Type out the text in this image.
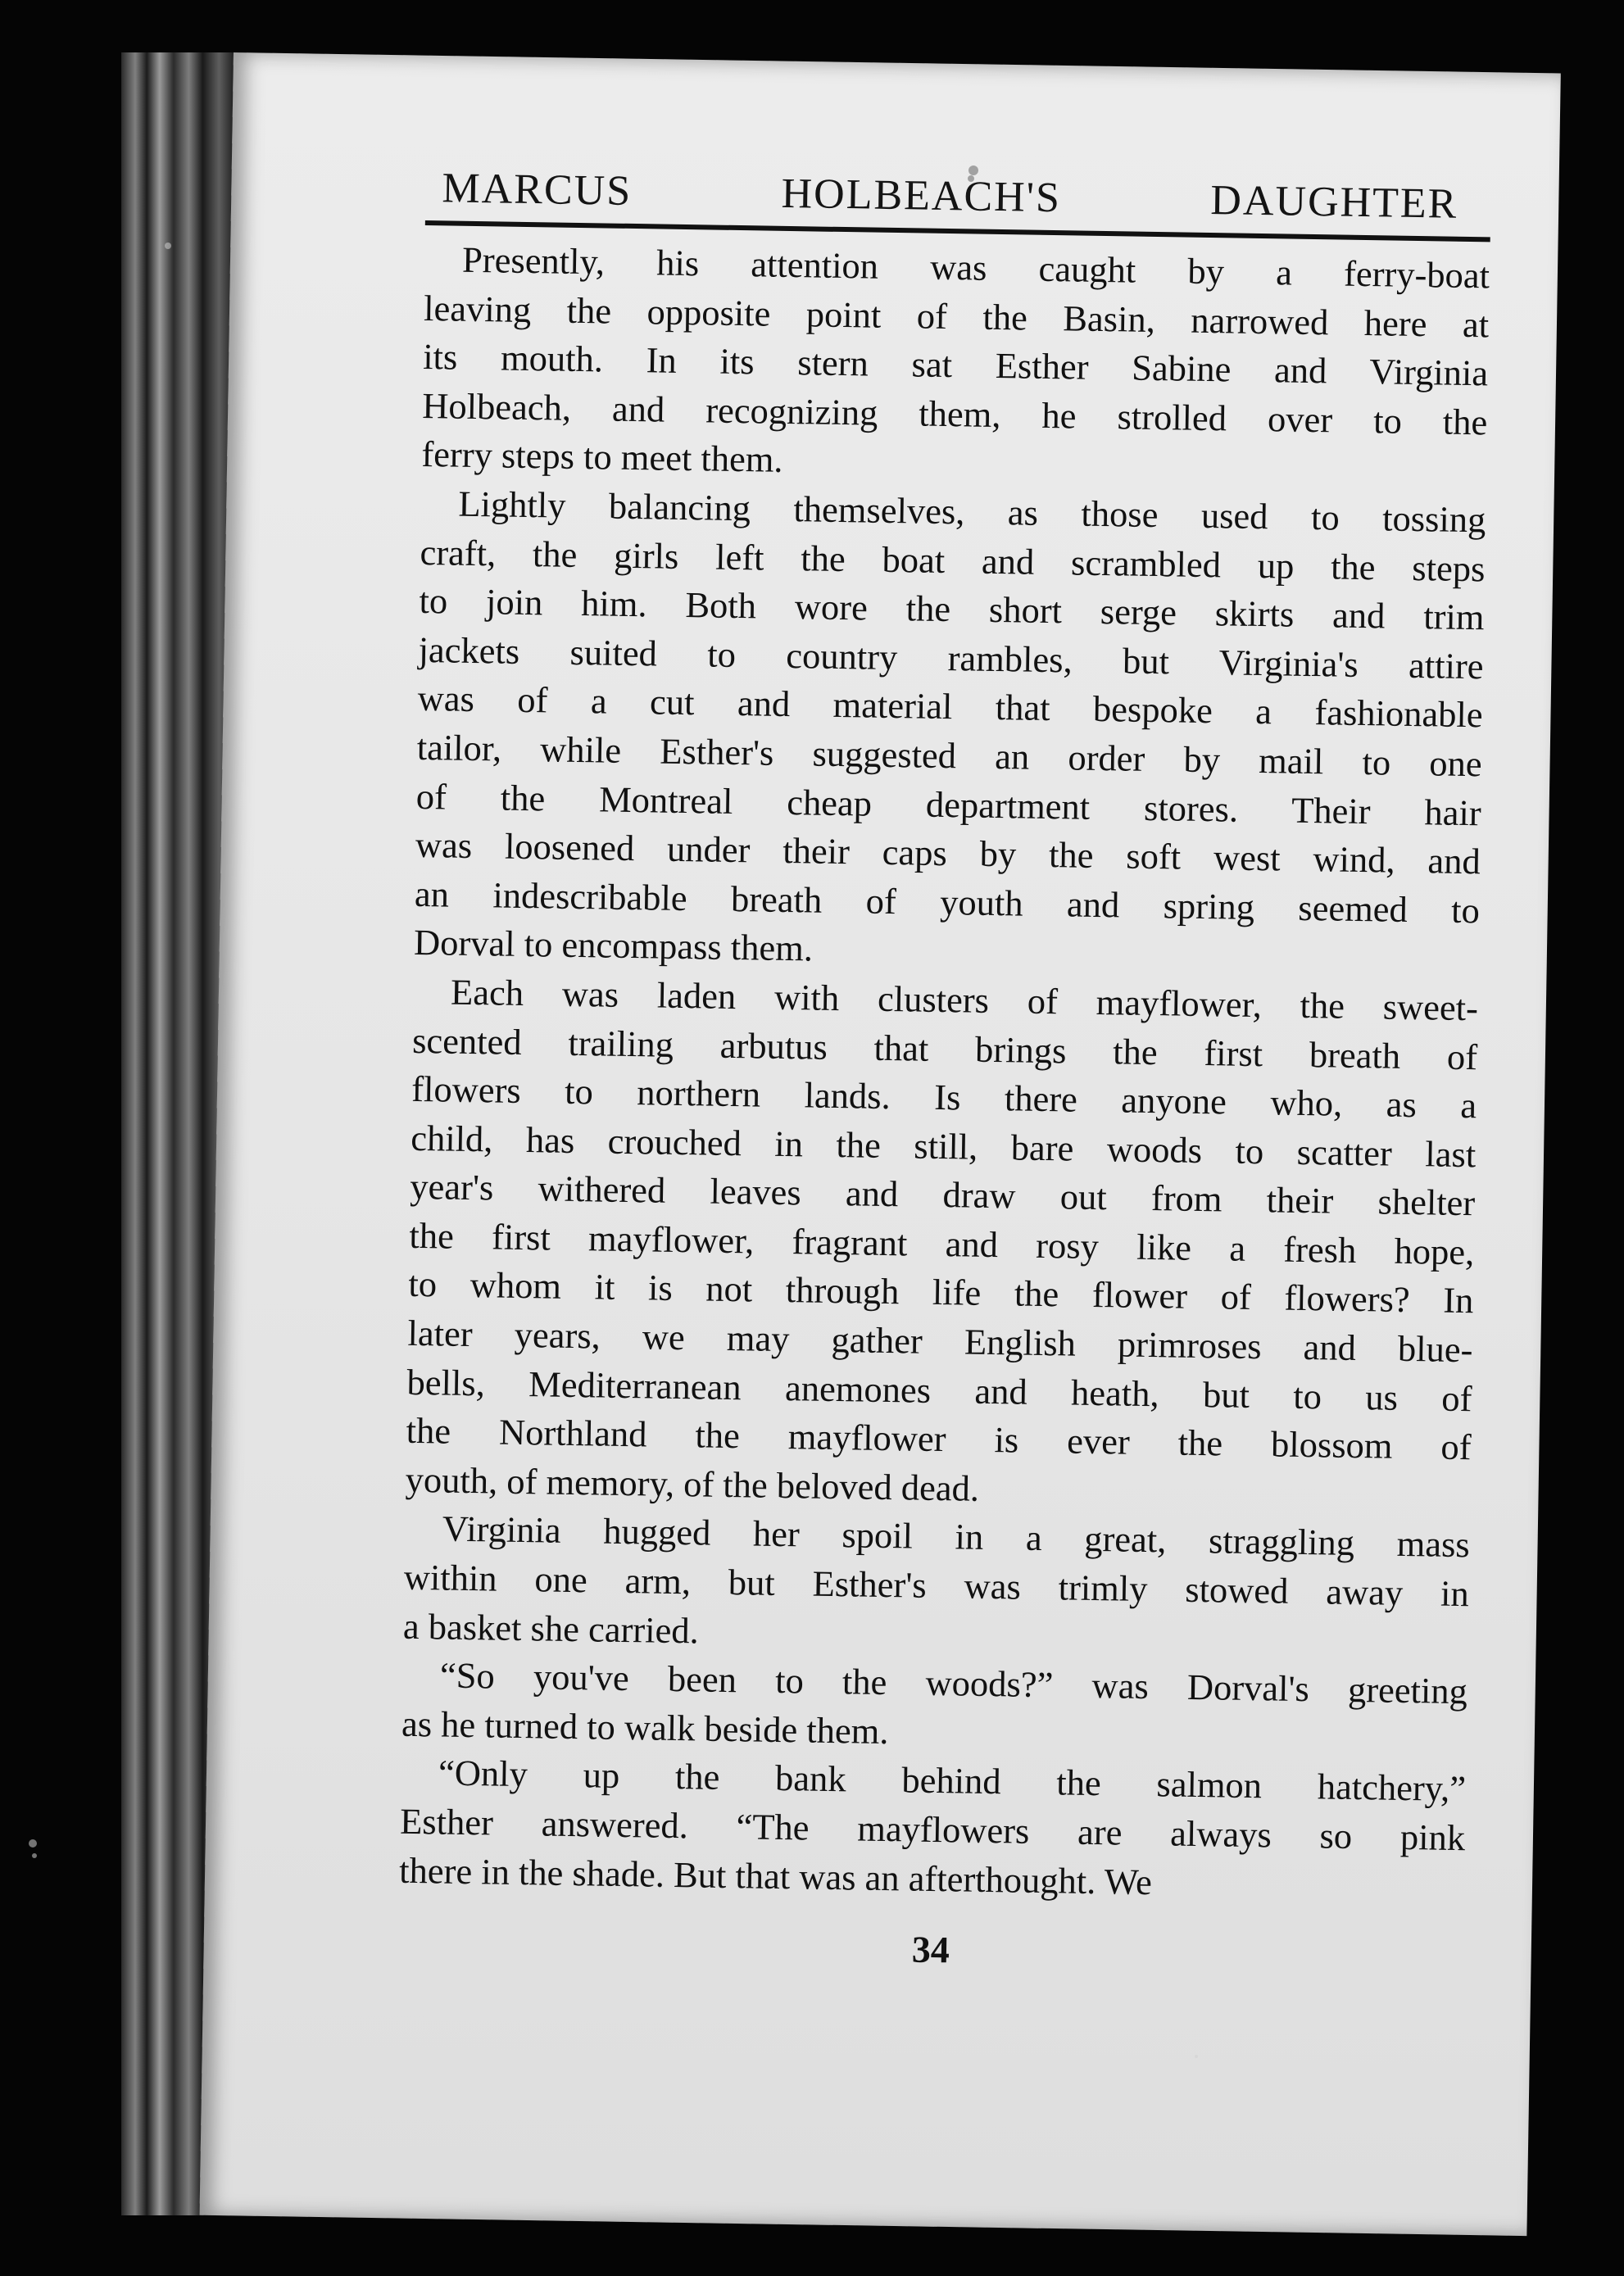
MARCUS	HOLBEACH'S	DAUGHTER
Presently, his attention was caught by a ferry-boat
leaving the opposite point of the Basin, narrowed here at
its mouth. In its stern sat Esther Sabine and Virginia
Holbeach, and recognizing them, he strolled over to the
ferry steps to meet them.
Lightly balancing themselves, as those used to tossing
craft, the girls left the boat and scrambled up the steps
to join him. Both wore the short serge skirts and trim
jackets suited to country rambles, but Virginia's attire
was of a cut and material that bespoke a fashionable
tailor, while Esther's suggested an order by mail to one
of the Montreal cheap department stores. Their hair
was loosened under their caps by the soft west wind, and
an indescribable breath of youth and spring seemed to
Dorval to encompass them.
Each was laden with clusters of mayflower, the sweet-
scented trailing arbutus that brings the first breath of
flowers to northern lands. Is there anyone who, as a
child, has crouched in the still, bare woods to scatter last
year's withered leaves and draw out from their shelter
the first mayflower, fragrant and rosy like a fresh hope,
to whom it is not through life the flower of flowers? In
later years, we may gather English primroses and blue-
bells, Mediterranean anemones and heath, but to us of
the Northland the mayflower is ever the blossom of
youth, of memory, of the beloved dead.
Virginia hugged her spoil in a great, straggling mass
within one arm, but Esther's was trimly stowed away in
a basket she carried.
“So you've been to the woods?” was Dorval's greeting
as he turned to walk beside them.
“Only up the bank behind the salmon hatchery,”
Esther answered. “The mayflowers are always so pink
there in the shade. But that was an afterthought. We
34
